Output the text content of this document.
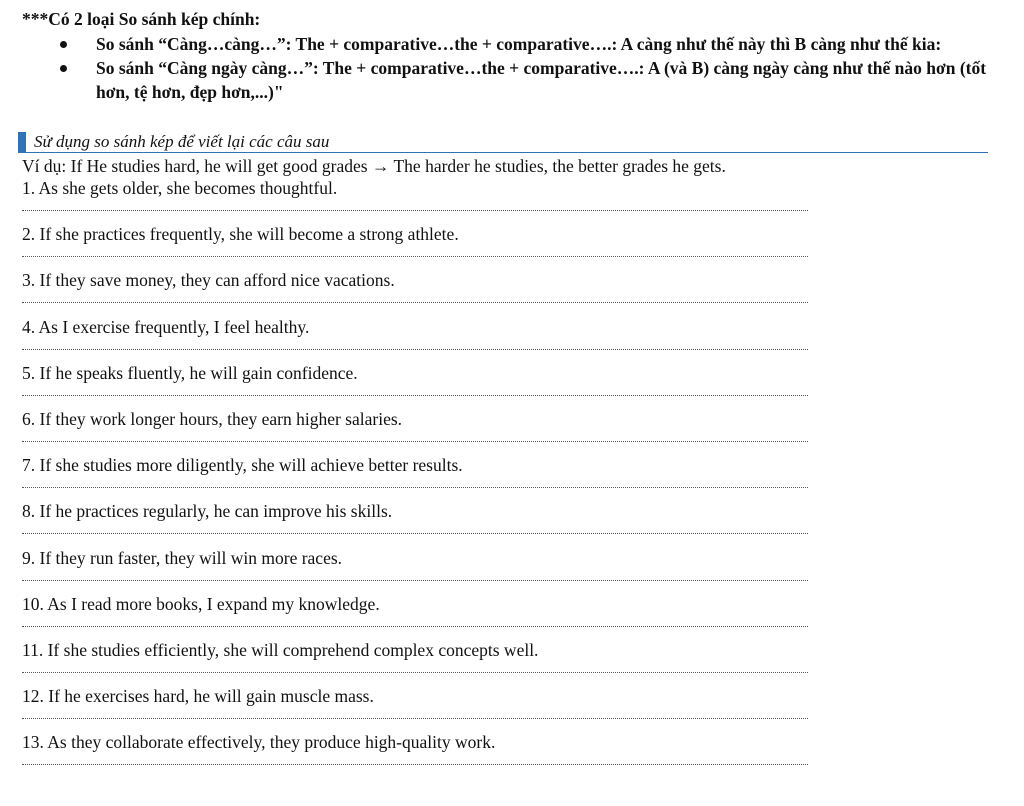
***Có 2 loại So sánh kép chính:
So sánh “Càng…càng…”: The + comparative…the + comparative….: A càng như thế này thì B càng như thế kia:
So sánh “Càng ngày càng…”: The + comparative…the + comparative….: A (và B) càng ngày càng như thế nào hơn (tốt hơn, tệ hơn, đẹp hơn,...)"
Sử dụng so sánh kép để viết lại các câu sau
Ví dụ: If He studies hard, he will get good grades → The harder he studies, the better grades he gets.
1. As she gets older, she becomes thoughtful.
2. If she practices frequently, she will become a strong athlete.
3. If they save money, they can afford nice vacations.
4. As I exercise frequently, I feel healthy.
5. If he speaks fluently, he will gain confidence.
6. If they work longer hours, they earn higher salaries.
7. If she studies more diligently, she will achieve better results.
8. If he practices regularly, he can improve his skills.
9. If they run faster, they will win more races.
10. As I read more books, I expand my knowledge.
11. If she studies efficiently, she will comprehend complex concepts well.
12. If he exercises hard, he will gain muscle mass.
13. As they collaborate effectively, they produce high-quality work.
